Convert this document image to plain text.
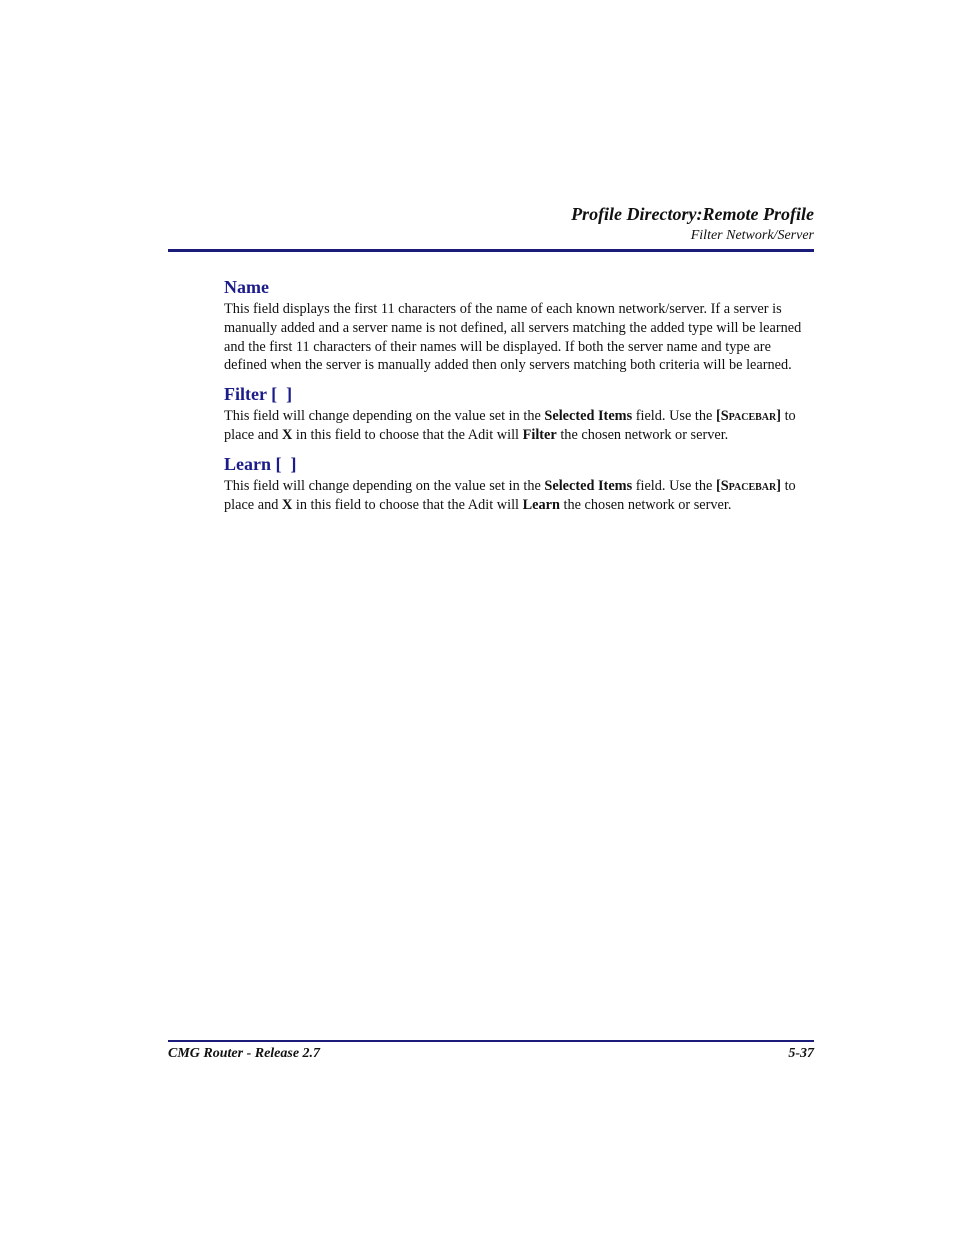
Profile Directory:Remote Profile
Filter Network/Server
Name

This field displays the first 11 characters of the name of each known network/server. If a server is manually added and a server name is not defined, all servers matching the added type will be learned and the first 11 characters of their names will be displayed. If both the server name and type are defined when the server is manually added then only servers matching both criteria will be learned.

Filter [  ]

This field will change depending on the value set in the Selected Items field. Use the [Spacebar] to place and X in this field to choose that the Adit will Filter the chosen network or server.

Learn [  ]

This field will change depending on the value set in the Selected Items field. Use the [Spacebar] to place and X in this field to choose that the Adit will Learn the chosen network or server.

CMG Router - Release 2.7	5-37
